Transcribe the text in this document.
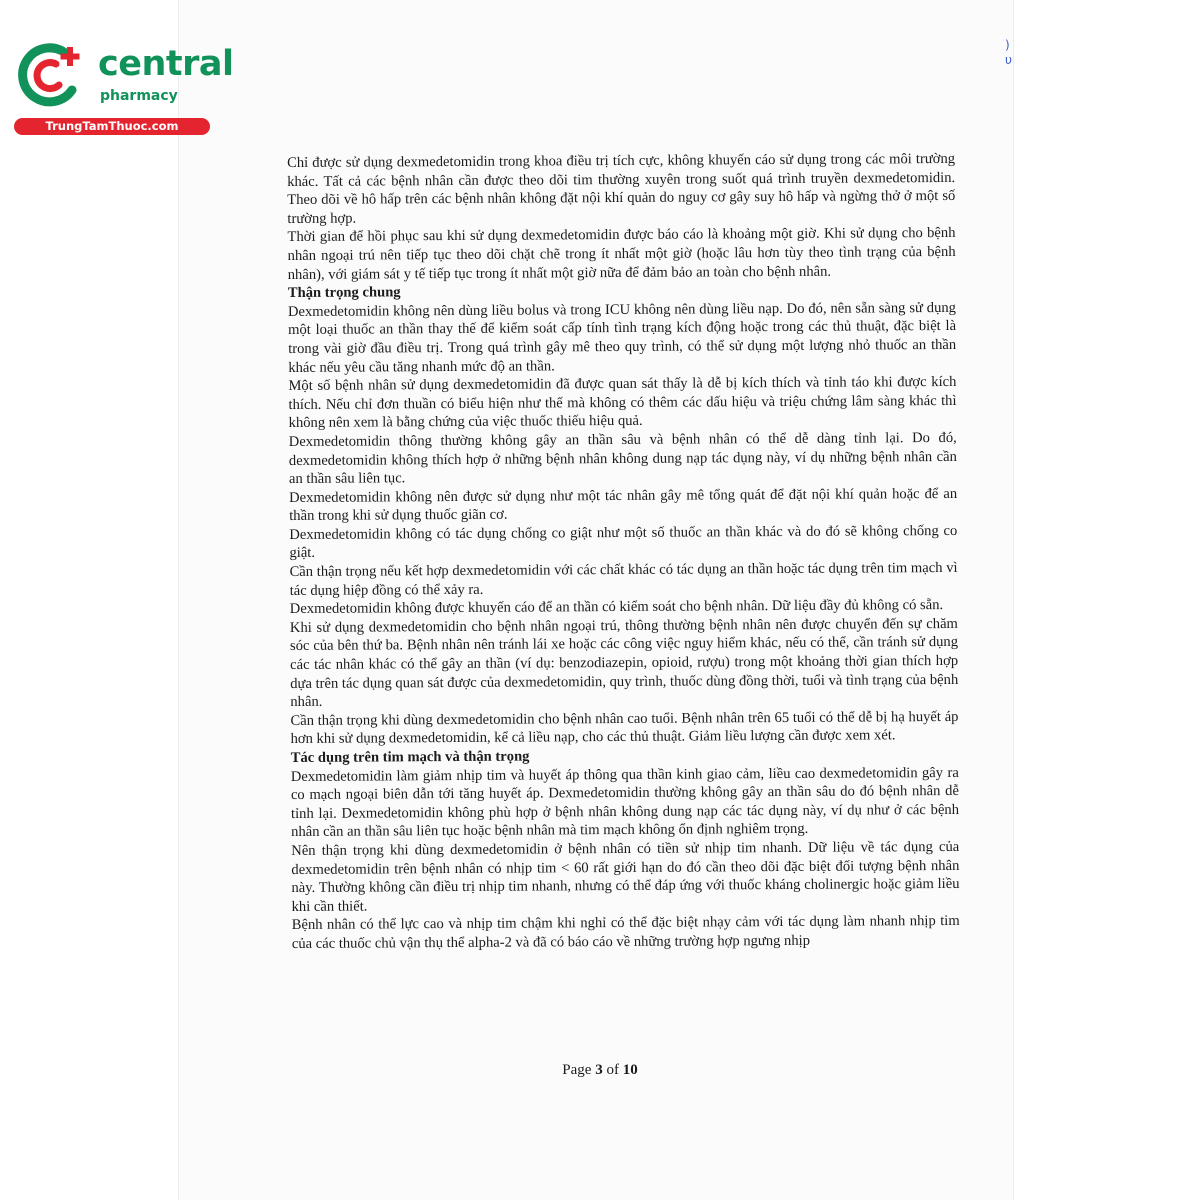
)
υ
central
pharmacy
TrungTamThuoc.com

Chỉ được sử dụng dexmedetomidin trong khoa điều trị tích cực, không khuyến cáo sử dụng trong các môi trường khác. Tất cả các bệnh nhân cần được theo dõi tim thường xuyên trong suốt quá trình truyền dexmedetomidin. Theo dõi về hô hấp trên các bệnh nhân không đặt nội khí quản do nguy cơ gây suy hô hấp và ngừng thở ở một số trường hợp.

Thời gian để hồi phục sau khi sử dụng dexmedetomidin được báo cáo là khoảng một giờ. Khi sử dụng cho bệnh nhân ngoại trú nên tiếp tục theo dõi chặt chẽ trong ít nhất một giờ (hoặc lâu hơn tùy theo tình trạng của bệnh nhân), với giám sát y tế tiếp tục trong ít nhất một giờ nữa để đảm bảo an toàn cho bệnh nhân.

Thận trọng chung

Dexmedetomidin không nên dùng liều bolus và trong ICU không nên dùng liều nạp. Do đó, nên sẵn sàng sử dụng một loại thuốc an thần thay thế để kiểm soát cấp tính tình trạng kích động hoặc trong các thủ thuật, đặc biệt là trong vài giờ đầu điều trị. Trong quá trình gây mê theo quy trình, có thể sử dụng một lượng nhỏ thuốc an thần khác nếu yêu cầu tăng nhanh mức độ an thần.

Một số bệnh nhân sử dụng dexmedetomidin đã được quan sát thấy là dễ bị kích thích và tỉnh táo khi được kích thích. Nếu chỉ đơn thuần có biểu hiện như thế mà không có thêm các dấu hiệu và triệu chứng lâm sàng khác thì không nên xem là bằng chứng của việc thuốc thiếu hiệu quả.

Dexmedetomidin thông thường không gây an thần sâu và bệnh nhân có thể dễ dàng tỉnh lại. Do đó, dexmedetomidin không thích hợp ở những bệnh nhân không dung nạp tác dụng này, ví dụ những bệnh nhân cần an thần sâu liên tục.

Dexmedetomidin không nên được sử dụng như một tác nhân gây mê tổng quát để đặt nội khí quản hoặc để an thần trong khi sử dụng thuốc giãn cơ.

Dexmedetomidin không có tác dụng chống co giật như một số thuốc an thần khác và do đó sẽ không chống co giật.

Cần thận trọng nếu kết hợp dexmedetomidin với các chất khác có tác dụng an thần hoặc tác dụng trên tim mạch vì tác dụng hiệp đồng có thể xảy ra.

Dexmedetomidin không được khuyến cáo để an thần có kiểm soát cho bệnh nhân. Dữ liệu đầy đủ không có sẵn.

Khi sử dụng dexmedetomidin cho bệnh nhân ngoại trú, thông thường bệnh nhân nên được chuyển đến sự chăm sóc của bên thứ ba. Bệnh nhân nên tránh lái xe hoặc các công việc nguy hiểm khác, nếu có thể, cần tránh sử dụng các tác nhân khác có thể gây an thần (ví dụ: benzodiazepin, opioid, rượu) trong một khoảng thời gian thích hợp dựa trên tác dụng quan sát được của dexmedetomidin, quy trình, thuốc dùng đồng thời, tuổi và tình trạng của bệnh nhân.

Cần thận trọng khi dùng dexmedetomidin cho bệnh nhân cao tuổi. Bệnh nhân trên 65 tuổi có thể dễ bị hạ huyết áp hơn khi sử dụng dexmedetomidin, kể cả liều nạp, cho các thủ thuật. Giảm liều lượng cần được xem xét.

Tác dụng trên tim mạch và thận trọng

Dexmedetomidin làm giảm nhịp tim và huyết áp thông qua thần kinh giao cảm, liều cao dexmedetomidin gây ra co mạch ngoại biên dẫn tới tăng huyết áp. Dexmedetomidin thường không gây an thần sâu do đó bệnh nhân dễ tỉnh lại. Dexmedetomidin không phù hợp ở bệnh nhân không dung nạp các tác dụng này, ví dụ như ở các bệnh nhân cần an thần sâu liên tục hoặc bệnh nhân mà tim mạch không ổn định nghiêm trọng.

Nên thận trọng khi dùng dexmedetomidin ở bệnh nhân có tiền sử nhịp tim nhanh. Dữ liệu về tác dụng của dexmedetomidin trên bệnh nhân có nhịp tim < 60 rất giới hạn do đó cần theo dõi đặc biệt đối tượng bệnh nhân này. Thường không cần điều trị nhịp tim nhanh, nhưng có thể đáp ứng với thuốc kháng cholinergic hoặc giảm liều khi cần thiết.

Bệnh nhân có thể lực cao và nhịp tim chậm khi nghỉ có thể đặc biệt nhạy cảm với tác dụng làm nhanh nhịp tim của các thuốc chủ vận thụ thể alpha-2 và đã có báo cáo về những trường hợp ngưng nhịp

Page 3 of 10
